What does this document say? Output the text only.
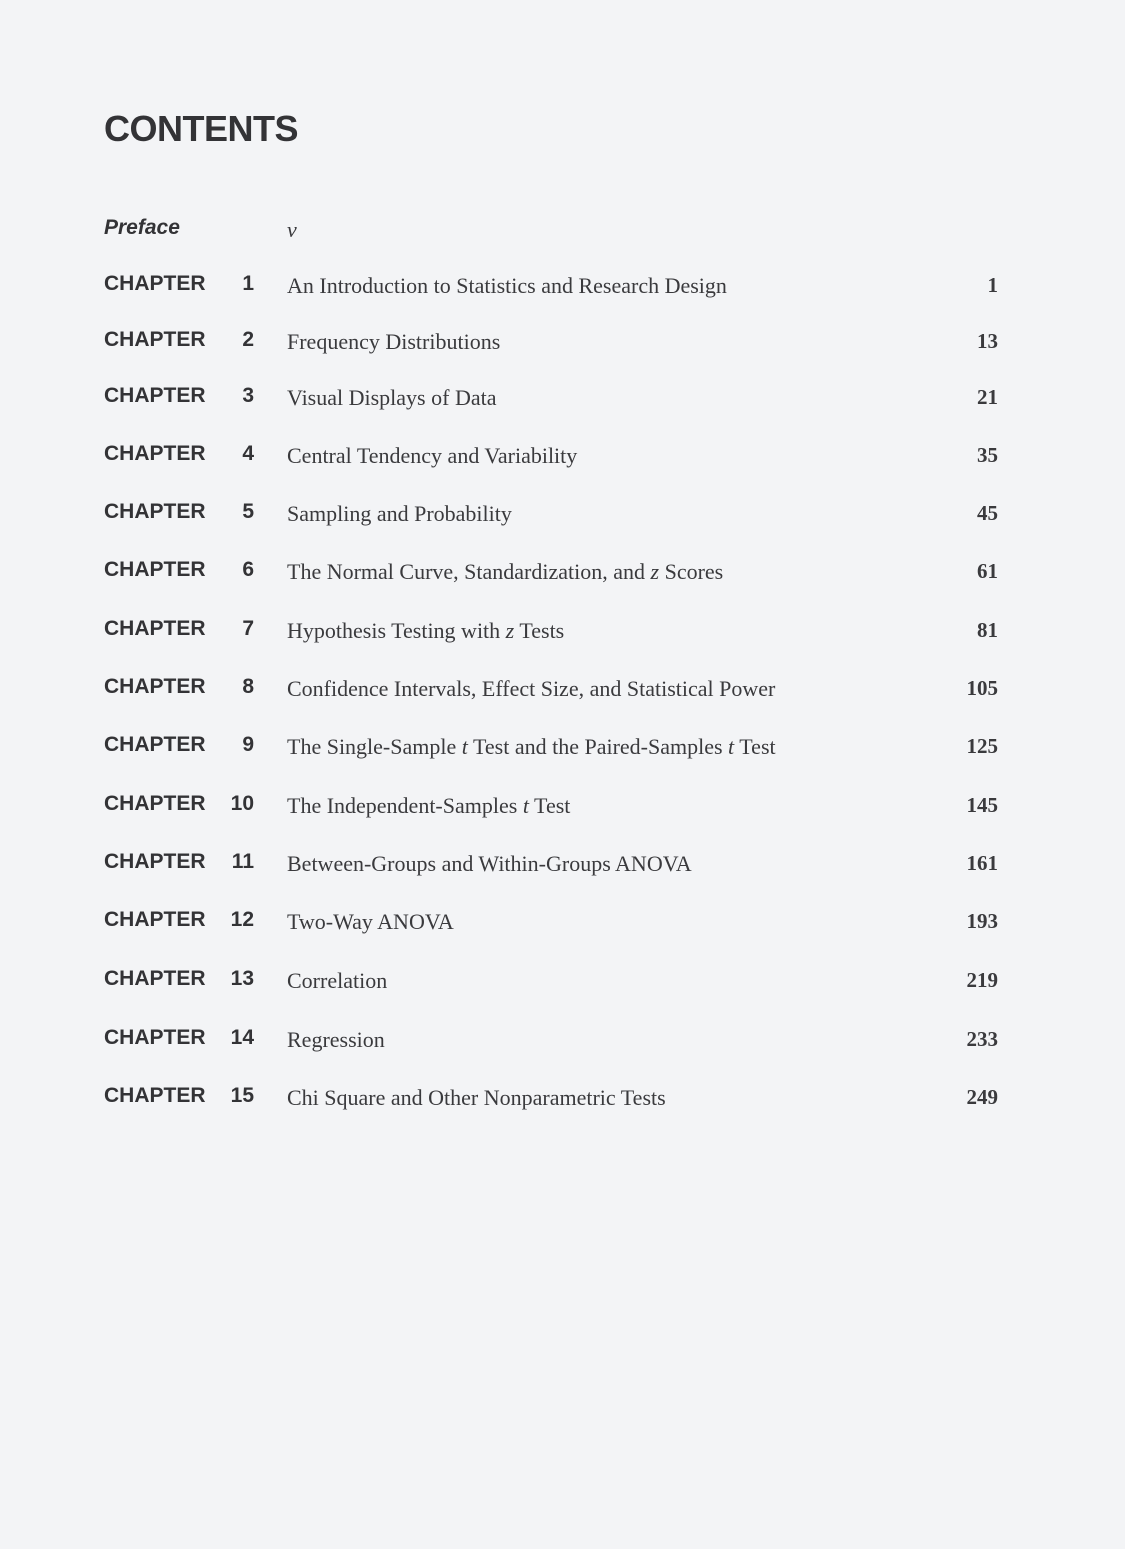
CONTENTS
Preface	v
CHAPTER	1 An Introduction to Statistics and Research Design	1
CHAPTER	2 Frequency Distributions	13
CHAPTER	3 Visual Displays of Data	21
CHAPTER	4 Central Tendency and Variability	35
CHAPTER	5 Sampling and Probability	45
CHAPTER	6 The Normal Curve, Standardization, and z Scores	61
CHAPTER	7 Hypothesis Testing with z Tests	81
CHAPTER	8 Confidence Intervals, Effect Size, and Statistical Power	105
CHAPTER	9 The Single-Sample t Test and the Paired-Samples t Test	125
CHAPTER	10 The Independent-Samples t Test	145
CHAPTER	11 Between-Groups and Within-Groups ANOVA	161
CHAPTER	12 Two-Way ANOVA	193
CHAPTER	13 Correlation	219
CHAPTER	14 Regression	233
CHAPTER	15 Chi Square and Other Nonparametric Tests	249
